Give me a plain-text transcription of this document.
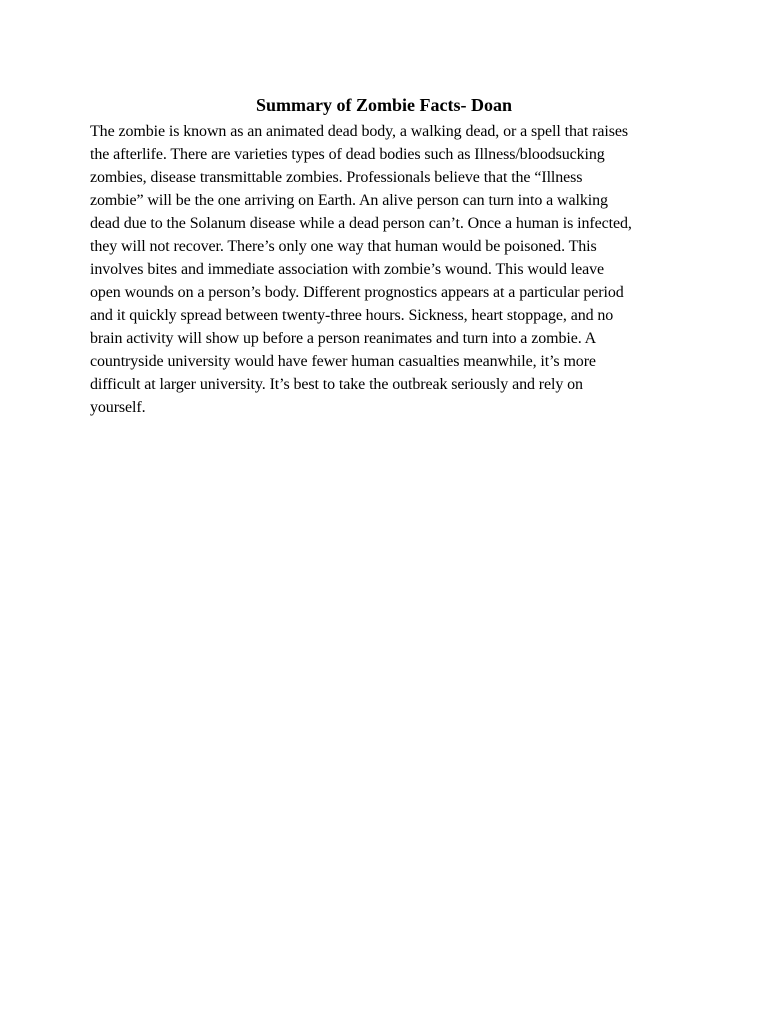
Summary of Zombie Facts- Doan
The zombie is known as an animated dead body, a walking dead, or a spell that raises
the afterlife. There are varieties types of dead bodies such as Illness/bloodsucking
zombies, disease transmittable zombies. Professionals believe that the “Illness
zombie” will be the one arriving on Earth. An alive person can turn into a walking
dead due to the Solanum disease while a dead person can’t. Once a human is infected,
they will not recover. There’s only one way that human would be poisoned. This
involves bites and immediate association with zombie’s wound. This would leave
open wounds on a person’s body. Different prognostics appears at a particular period
and it quickly spread between twenty-three hours. Sickness, heart stoppage, and no
brain activity will show up before a person reanimates and turn into a zombie. A
countryside university would have fewer human casualties meanwhile, it’s more
difficult at larger university. It’s best to take the outbreak seriously and rely on
yourself.
